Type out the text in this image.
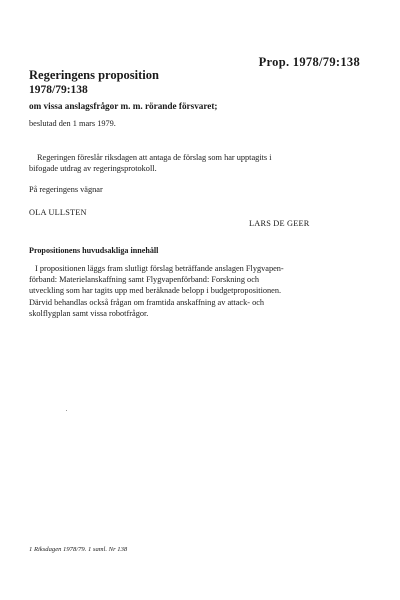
Prop. 1978/79:138
Regeringens proposition
1978/79:138
om vissa anslagsfrågor m. m. rörande försvaret;
beslutad den 1 mars 1979.
Regeringen föreslår riksdagen att antaga de förslag som har upptagits i
bifogade utdrag av regeringsprotokoll.
På regeringens vägnar
OLA ULLSTEN
LARS DE GEER
Propositionens huvudsakliga innehåll
I propositionen läggs fram slutligt förslag beträffande anslagen Flygvapen-
förband: Materielanskaffning samt Flygvapenförband: Forskning och
utveckling som har tagits upp med beräknade belopp i budgetpropositionen.
Därvid behandlas också frågan om framtida anskaffning av attack- och
skolflygplan samt vissa robotfrågor.
1 Riksdagen 1978/79. 1 saml. Nr 138
